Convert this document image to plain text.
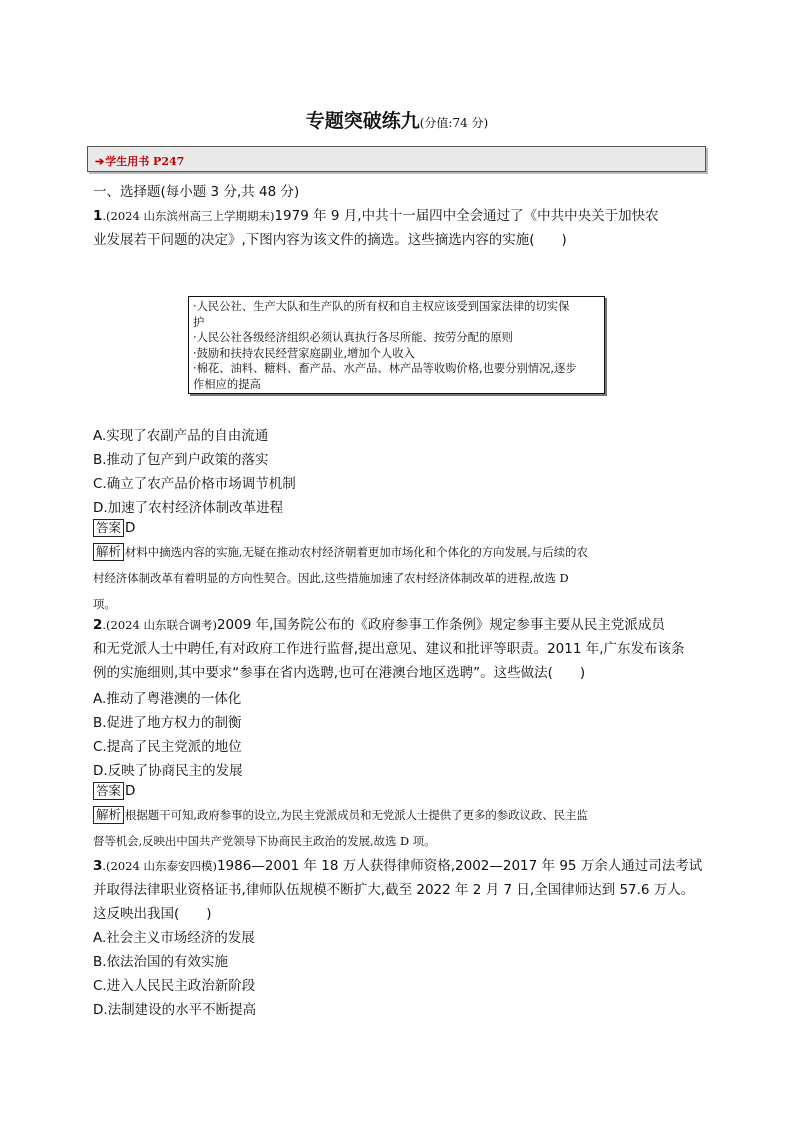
专题突破练九(分值:74 分)
➔学生用书 P247
一、选择题(每小题 3 分,共 48 分)
1.(2024 山东滨州高三上学期期末)1979 年 9 月,中共十一届四中全会通过了《中共中央关于加快农
业发展若干问题的决定》,下图内容为该文件的摘选。这些摘选内容的实施(　　)

·人民公社、生产大队和生产队的所有权和自主权应该受到国家法律的切实保

护

·人民公社各级经济组织必须认真执行各尽所能、按劳分配的原则

·鼓励和扶持农民经营家庭副业,增加个人收入

·棉花、油料、糖料、畜产品、水产品、林产品等收购价格,也要分别情况,逐步

作相应的提高

A.实现了农副产品的自由流通
B.推动了包产到户政策的落实
C.确立了农产品价格市场调节机制
D.加速了农村经济体制改革进程
答案 D
解析 材料中摘选内容的实施,无疑在推动农村经济朝着更加市场化和个体化的方向发展,与后续的农
村经济体制改革有着明显的方向性契合。因此,这些措施加速了农村经济体制改革的进程,故选 D
项。
2.(2024 山东联合调考)2009 年,国务院公布的《政府参事工作条例》规定参事主要从民主党派成员
和无党派人士中聘任,有对政府工作进行监督,提出意见、建议和批评等职责。2011 年,广东发布该条
例的实施细则,其中要求“参事在省内选聘,也可在港澳台地区选聘”。这些做法(　　)
A.推动了粤港澳的一体化
B.促进了地方权力的制衡
C.提高了民主党派的地位
D.反映了协商民主的发展
答案 D
解析 根据题干可知,政府参事的设立,为民主党派成员和无党派人士提供了更多的参政议政、民主监
督等机会,反映出中国共产党领导下协商民主政治的发展,故选 D 项。
3.(2024 山东泰安四模)1986—2001 年 18 万人获得律师资格,2002—2017 年 95 万余人通过司法考试
并取得法律职业资格证书,律师队伍规模不断扩大,截至 2022 年 2 月 7 日,全国律师达到 57.6 万人。
这反映出我国(　　)
A.社会主义市场经济的发展
B.依法治国的有效实施
C.进入人民民主政治新阶段
D.法制建设的水平不断提高
